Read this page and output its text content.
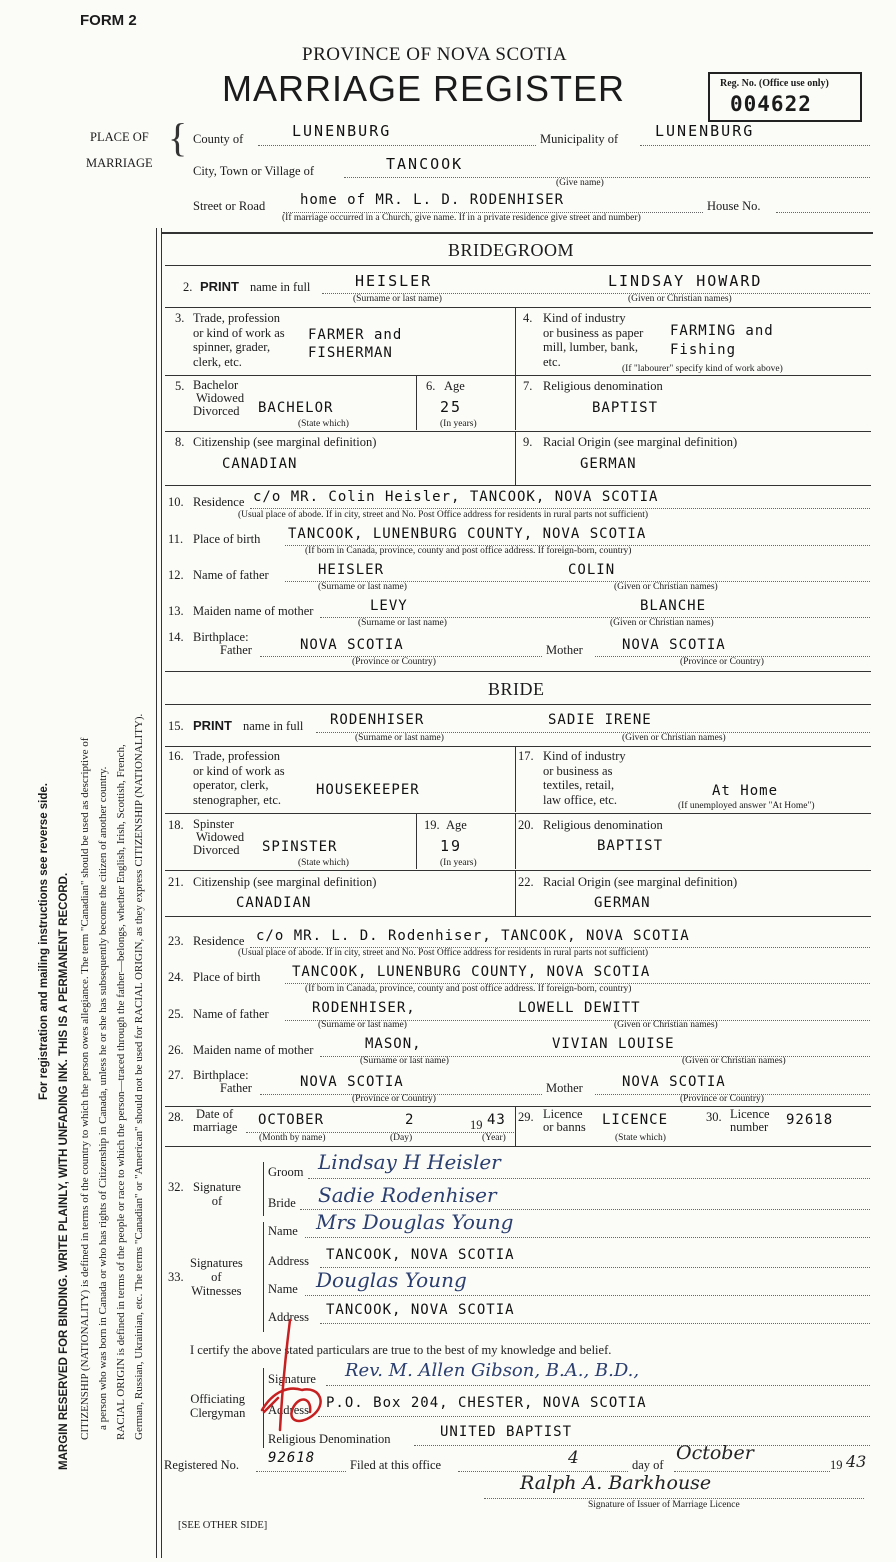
FORM 2
PROVINCE OF NOVA SCOTIA
MARRIAGE REGISTER	Reg. No. (Office use only)
004622
PLACE OF
MARRIAGE
{ County of	LUNENBURG	Municipality of LUNENBURG
City, Town or Village of	TANCOOK
(Give name)
Street or Road home of MR. L. D. RODENHISER	House No.
(If marriage occurred in a Church, give name. If in a private residence give street and number)
For registration and mailing instructions see reverse side. MARGIN RESERVED FOR BINDING. WRITE PLAINLY, WITH UNFADING INK. THIS IS A PERMANENT RECORD. CITIZENSHIP (NATIONALITY) is defined in terms of the country to which the person owes allegiance. The term "Canadian" should be used as descriptive of a person who was born in Canada or who has rights of Citizenship in Canada, unless he or she has subsequently become the citizen of another country. RACIAL ORIGIN is defined in terms of the people or race to which the person—traced through the father—belongs, whether English, Irish, Scottish, French, German, Russian, Ukrainian, etc. The terms "Canadian" or "American" should not be used for RACIAL ORIGIN, as they express CITIZENSHIP (NATIONALITY).
BRIDEGROOM
2. PRINT name in full	HEISLER	LINDSAY HOWARD
(Surname or last name)	(Given or Christian names)
3. Trade, profession
or kind of work as
spinner, grader,
clerk, etc.
FARMER and
FISHERMAN
4. Kind of industry
or business as paper
mill, lumber, bank,
etc.
FARMING and
Fishing
(If "labourer" specify kind of work above)
5. Bachelor
Widowed
Divorced	BACHELOR
(State which)
6. Age
25
(In years)
7. Religious denomination
BAPTIST
8. Citizenship (see marginal definition)
CANADIAN
9. Racial Origin (see marginal definition)
GERMAN
10. Residence c/o MR. Colin Heisler, TANCOOK, NOVA SCOTIA
(Usual place of abode. If in city, street and No. Post Office address for residents in rural parts not sufficient)
11. Place of birth TANCOOK, LUNENBURG COUNTY, NOVA SCOTIA
(If born in Canada, province, county and post office address. If foreign-born, country)
12. Name of father	HEISLER	COLIN
(Surname or last name)	(Given or Christian names)
13. Maiden name of mother	LEVY	BLANCHE
(Surname or last name)	(Given or Christian names)
14. Birthplace:
Father	NOVA SCOTIA
(Province or Country)
Mother	NOVA SCOTIA
(Province or Country)
BRIDE
15. PRINT name in full RODENHISER	SADIE IRENE
(Surname or last name)	(Given or Christian names)
16. Trade, profession
or kind of work as
operator, clerk,
stenographer, etc.
HOUSEKEEPER
17. Kind of industry
or business as
textiles, retail,
law office, etc.
At Home
(If unemployed answer "At Home")
18. Spinster
Widowed
Divorced	SPINSTER
(State which)
19. Age
19
(In years)
20. Religious denomination
BAPTIST
21. Citizenship (see marginal definition)
CANADIAN
22. Racial Origin (see marginal definition)
GERMAN
23. Residence c/o MR. L. D. Rodenhiser, TANCOOK, NOVA SCOTIA
(Usual place of abode. If in city, street and No. Post Office address for residents in rural parts not sufficient)
24. Place of birth TANCOOK, LUNENBURG COUNTY, NOVA SCOTIA
(If born in Canada, province, county and post office address. If foreign-born, country)
25. Name of father	RODENHISER,	LOWELL DEWITT
(Surname or last name)	(Given or Christian names)
26. Maiden name of mother	MASON,	VIVIAN LOUISE
(Surname or last name)	(Given or Christian names)
27. Birthplace:
Father	NOVA SCOTIA
(Province or Country)
Mother	NOVA SCOTIA
(Province or Country)
28. Date of
marriage OCTOBER	2	19 43
(Month by name)	(Day)	(Year)
29. Licence
or banns LICENCE
(State which)
30. Licence
number 92618
32. Signature
of
Groom Lindsay H Heisler
Bride Sadie Rodenhiser
33.
Signatures
of
Witnesses
Name Mrs Douglas Young
Address TANCOOK, NOVA SCOTIA
Name Douglas Young
Address TANCOOK, NOVA SCOTIA
I certify the above stated particulars are true to the best of my knowledge and belief.
Officiating
Clergyman
Signature Rev. M. Allen Gibson, B.A., B.D.,
Address P.O. Box 204, CHESTER, NOVA SCOTIA
Religious Denomination	UNITED BAPTIST
Registered No. 92618	Filed at this office	4	day of
October
19 43
Ralph A. Barkhouse
Signature of Issuer of Marriage Licence
[SEE OTHER SIDE]
